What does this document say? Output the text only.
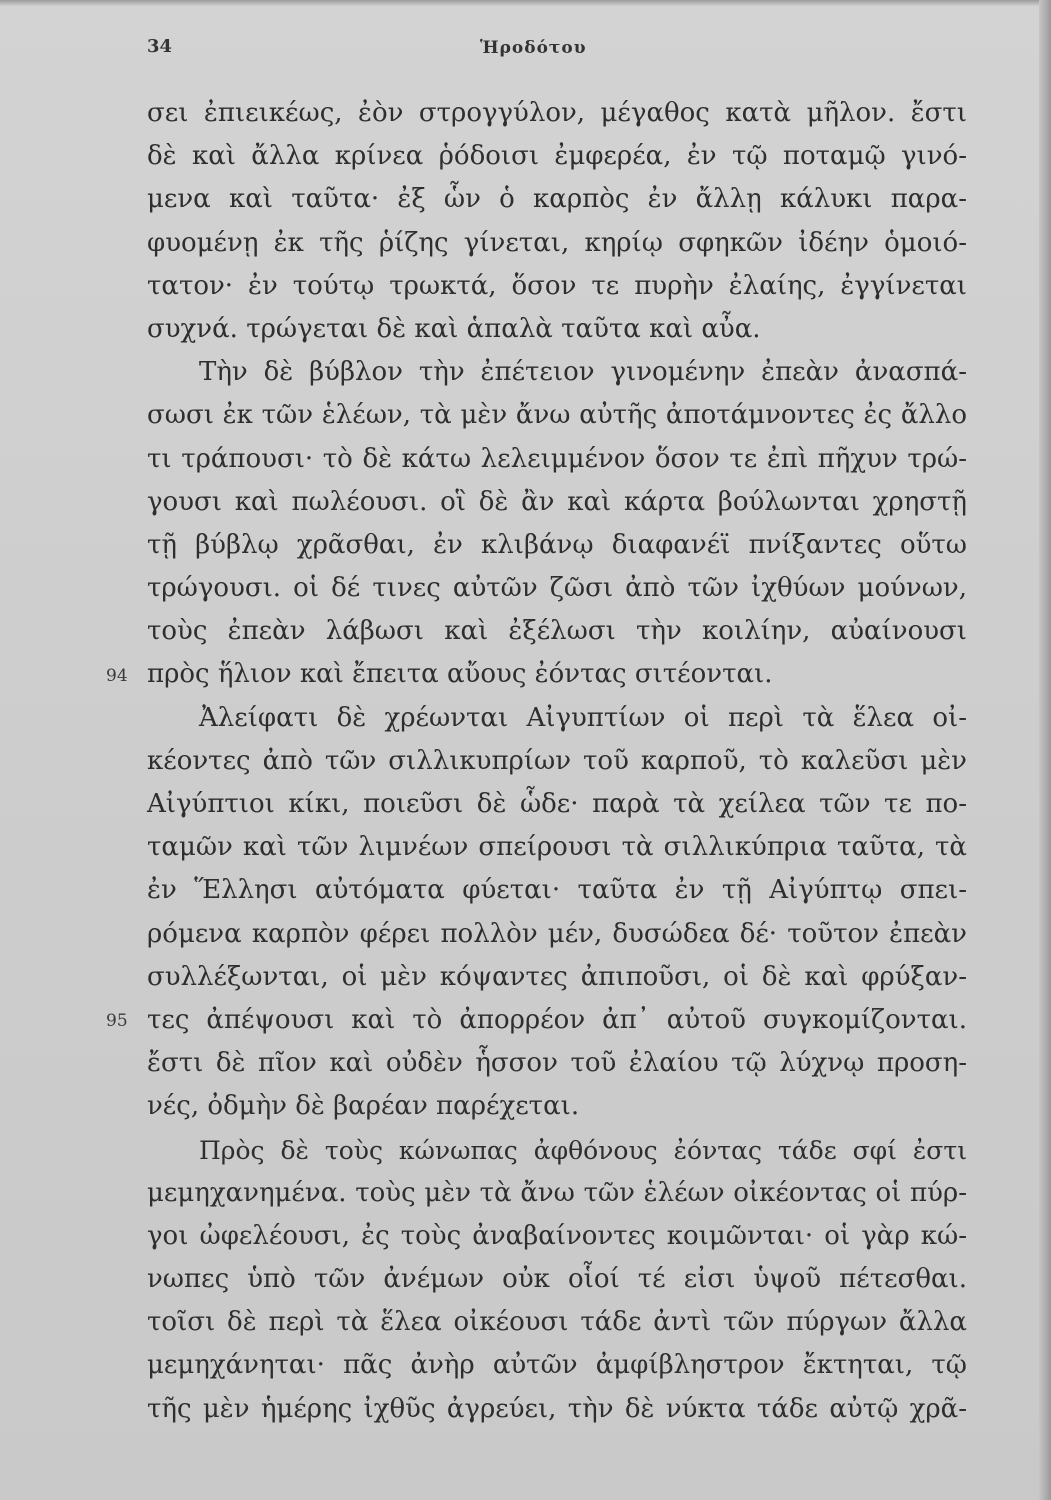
34	Ἡροδότου
σει ἐπιεικέως, ἐὸν στρογγύλον, μέγαθος κατὰ μῆλον. ἔστι
δὲ καὶ ἄλλα κρίνεα ῥόδοισι ἐμφερέα, ἐν τῷ ποταμῷ γινό-
μενα καὶ ταῦτα· ἐξ ὧν ὁ καρπὸς ἐν ἄλλῃ κάλυκι παρα-
φυομένῃ ἐκ τῆς ῥίζης γίνεται, κηρίῳ σφηκῶν ἰδέην ὁμοιό-
τατον· ἐν τούτῳ τρωκτά, ὅσον τε πυρὴν ἐλαίης, ἐγγίνεται
συχνά. τρώγεται δὲ καὶ ἁπαλὰ ταῦτα καὶ αὖα.
Τὴν δὲ βύβλον τὴν ἐπέτειον γινομένην ἐπεὰν ἀνασπά-
σωσι ἐκ τῶν ἑλέων, τὰ μὲν ἄνω αὐτῆς ἀποτάμνοντες ἐς ἄλλο
τι τράπουσι· τὸ δὲ κάτω λελειμμένον ὅσον τε ἐπὶ πῆχυν τρώ-
γουσι καὶ πωλέουσι. οἳ δὲ ἂν καὶ κάρτα βούλωνται χρηστῇ
τῇ βύβλῳ χρᾶσθαι, ἐν κλιβάνῳ διαφανέϊ πνίξαντες οὕτω
τρώγουσι. οἱ δέ τινες αὐτῶν ζῶσι ἀπὸ τῶν ἰχθύων μούνων,
τοὺς ἐπεὰν λάβωσι καὶ ἐξέλωσι τὴν κοιλίην, αὐαίνουσι
πρὸς ἥλιον καὶ ἔπειτα αὔους ἐόντας σιτέονται.
Ἀλείφατι δὲ χρέωνται Αἰγυπτίων οἱ περὶ τὰ ἕλεα οἰ-
κέοντες ἀπὸ τῶν σιλλικυπρίων τοῦ καρποῦ, τὸ καλεῦσι μὲν
Αἰγύπτιοι κίκι, ποιεῦσι δὲ ὧδε· παρὰ τὰ χείλεα τῶν τε πο-
ταμῶν καὶ τῶν λιμνέων σπείρουσι τὰ σιλλικύπρια ταῦτα, τὰ
ἐν Ἕλλησι αὐτόματα φύεται· ταῦτα ἐν τῇ Αἰγύπτῳ σπει-
ρόμενα καρπὸν φέρει πολλὸν μέν, δυσώδεα δέ· τοῦτον ἐπεὰν
συλλέξωνται, οἱ μὲν κόψαντες ἀπιποῦσι, οἱ δὲ καὶ φρύξαν-
τες ἀπέψουσι καὶ τὸ ἀπορρέον ἀπ᾽ αὐτοῦ συγκομίζονται.
ἔστι δὲ πῖον καὶ οὐδὲν ἧσσον τοῦ ἐλαίου τῷ λύχνῳ προση-
νές, ὀδμὴν δὲ βαρέαν παρέχεται.
Πρὸς δὲ τοὺς κώνωπας ἀφθόνους ἐόντας τάδε σφί ἐστι
μεμηχανημένα. τοὺς μὲν τὰ ἄνω τῶν ἑλέων οἰκέοντας οἱ πύρ-
γοι ὠφελέουσι, ἐς τοὺς ἀναβαίνοντες κοιμῶνται· οἱ γὰρ κώ-
νωπες ὑπὸ τῶν ἀνέμων οὐκ οἷοί τέ εἰσι ὑψοῦ πέτεσθαι.
τοῖσι δὲ περὶ τὰ ἕλεα οἰκέουσι τάδε ἀντὶ τῶν πύργων ἄλλα
μεμηχάνηται· πᾶς ἀνὴρ αὐτῶν ἀμφίβληστρον ἔκτηται, τῷ
τῆς μὲν ἡμέρης ἰχθῦς ἀγρεύει, τὴν δὲ νύκτα τάδε αὐτῷ χρᾶ-
94
95
